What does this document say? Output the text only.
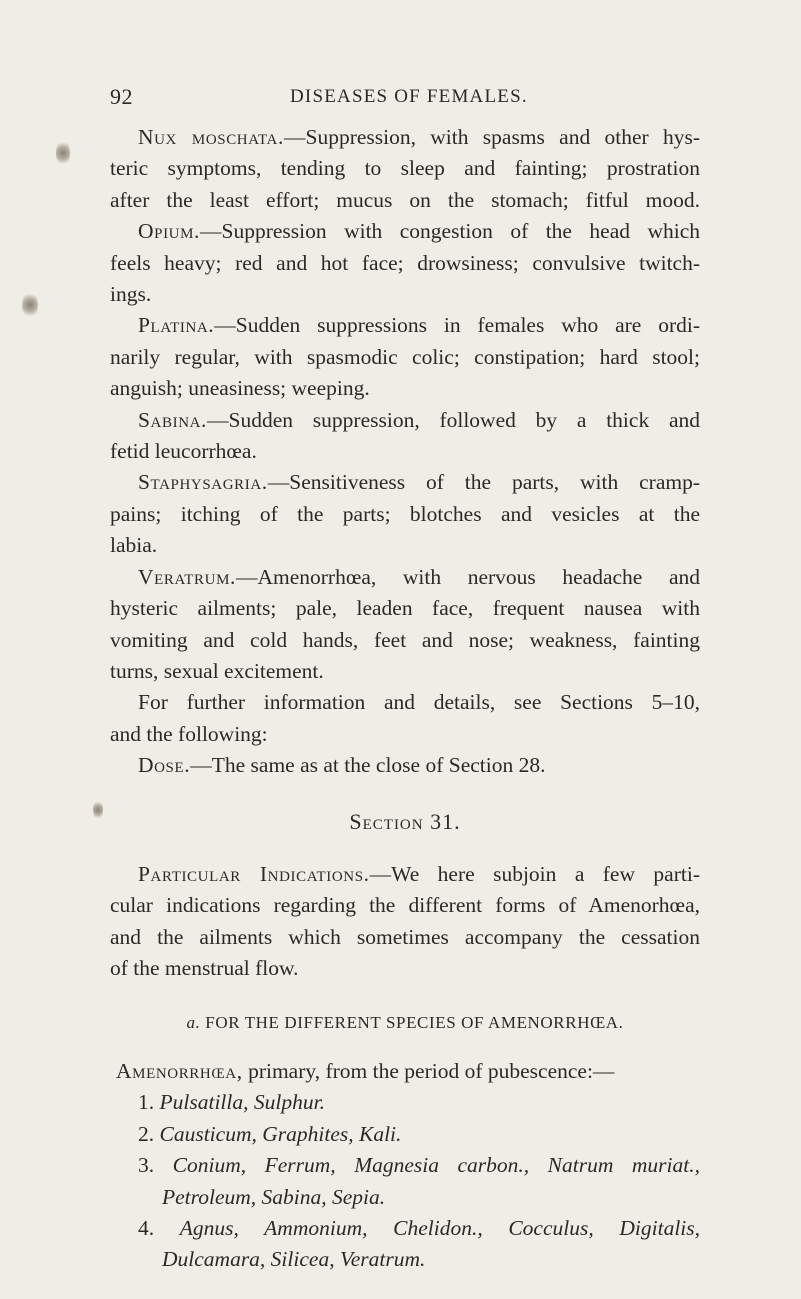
92	DISEASES OF FEMALES.
Nux moschata.—Suppression, with spasms and other hys-
teric symptoms, tending to sleep and fainting; prostration
after the least effort; mucus on the stomach; fitful mood.
Opium.—Suppression with congestion of the head which
feels heavy; red and hot face; drowsiness; convulsive twitch-
ings.
Platina.—Sudden suppressions in females who are ordi-
narily regular, with spasmodic colic; constipation; hard stool;
anguish; uneasiness; weeping.
Sabina.—Sudden suppression, followed by a thick and
fetid leucorrhœa.
Staphysagria.—Sensitiveness of the parts, with cramp-
pains; itching of the parts; blotches and vesicles at the
labia.
Veratrum.—Amenorrhœa, with nervous headache and
hysteric ailments; pale, leaden face, frequent nausea with
vomiting and cold hands, feet and nose; weakness, fainting
turns, sexual excitement.
For further information and details, see Sections 5–10,
and the following:
Dose.—The same as at the close of Section 28.
Section 31.
Particular Indications.—We here subjoin a few parti-
cular indications regarding the different forms of Amenorhœa,
and the ailments which sometimes accompany the cessation
of the menstrual flow.
a. FOR THE DIFFERENT SPECIES OF AMENORRHŒA.
Amenorrhœa, primary, from the period of pubescence:—
1. Pulsatilla, Sulphur.
2. Causticum, Graphites, Kali.
3. Conium, Ferrum, Magnesia carbon., Natrum muriat.,
Petroleum, Sabina, Sepia.
4. Agnus, Ammonium, Chelidon., Cocculus, Digitalis,
Dulcamara, Silicea, Veratrum.
